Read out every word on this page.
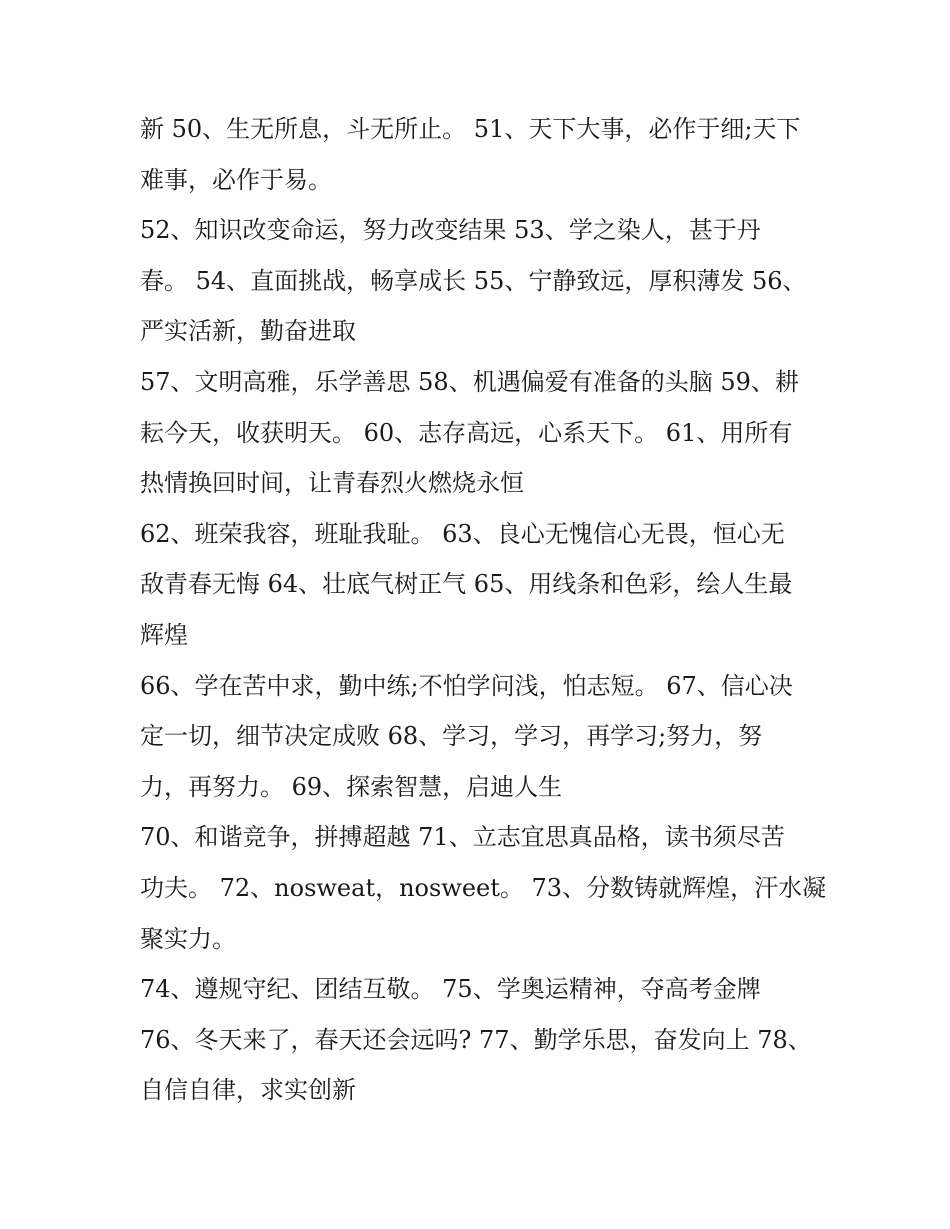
新 50、生无所息，斗无所止。 51、天下大事，必作于细;天下
难事，必作于易。
52、知识改变命运，努力改变结果 53、学之染人，甚于丹
春。 54、直面挑战，畅享成长 55、宁静致远，厚积薄发 56、
严实活新，勤奋进取
57、文明高雅，乐学善思 58、机遇偏爱有准备的头脑 59、耕
耘今天，收获明天。 60、志存高远，心系天下。 61、用所有
热情换回时间，让青春烈火燃烧永恒
62、班荣我容，班耻我耻。 63、良心无愧信心无畏，恒心无
敌青春无悔 64、壮底气树正气 65、用线条和色彩，绘人生最
辉煌
66、学在苦中求，勤中练;不怕学问浅，怕志短。 67、信心决
定一切，细节决定成败 68、学习，学习，再学习;努力，努
力，再努力。 69、探索智慧，启迪人生
70、和谐竞争，拼搏超越 71、立志宜思真品格，读书须尽苦
功夫。 72、nosweat，nosweet。 73、分数铸就辉煌，汗水凝
聚实力。
74、遵规守纪、团结互敬。 75、学奥运精神，夺高考金牌
76、冬天来了，春天还会远吗? 77、勤学乐思，奋发向上 78、
自信自律，求实创新
